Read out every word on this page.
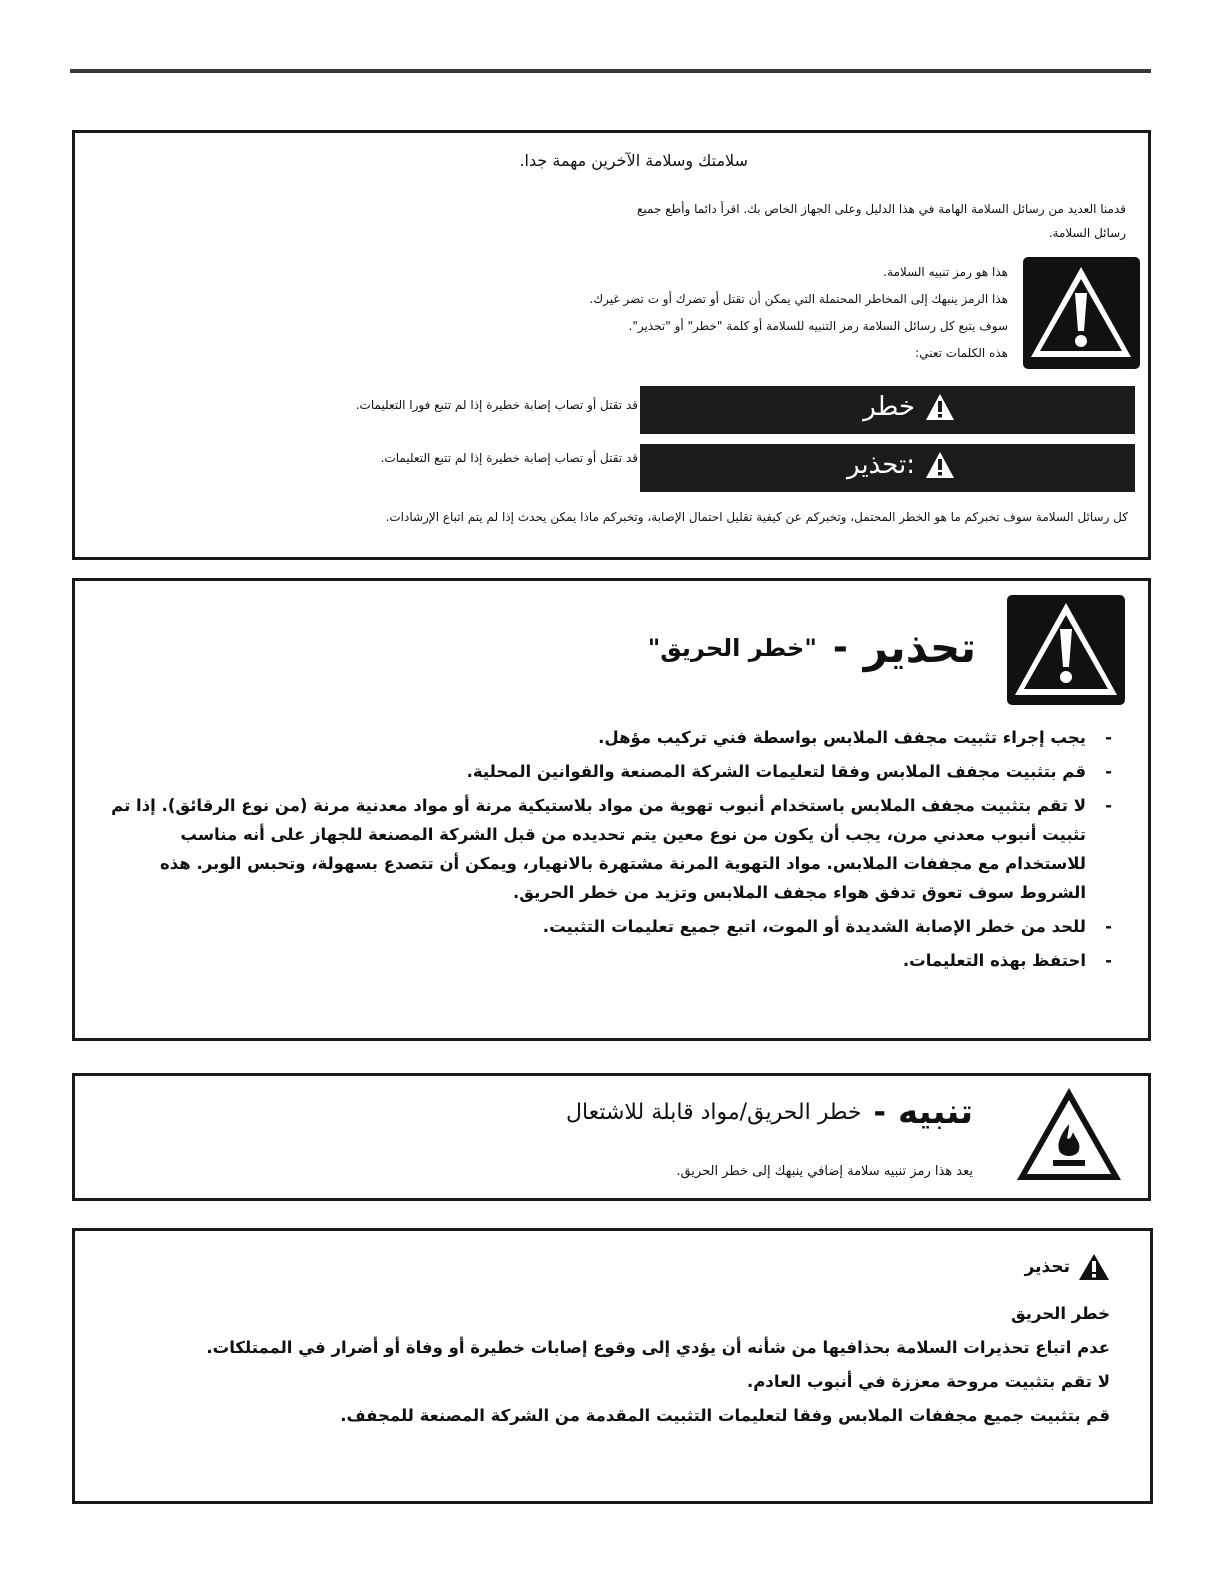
سلامتك وسلامة الآخرين مهمة جدا.
قدمنا العديد من رسائل السلامة الهامة في هذا الدليل وعلى الجهاز الخاص بك. اقرأ دائما وأطع جميع
رسائل السلامة.
هذا هو رمز تنبيه السلامة.
هذا الرمز ينبهك إلى المخاطر المحتملة التي يمكن أن تقتل أو تضرك أو ت تضر غيرك.
سوف يتبع كل رسائل السلامة رمز التنبيه للسلامة أو كلمة "خطر" أو "تحذير".
هذه الكلمات تعني:
خطر
قد تقتل أو تصاب إصابة خطيرة إذا لم تتبع فورا التعليمات.
تحذير:
قد تقتل أو تصاب إصابة خطيرة إذا لم تتبع التعليمات.
كل رسائل السلامة سوف تخبركم ما هو الخطر المحتمل، وتخبركم عن كيفية تقليل احتمال الإصابة، وتخبركم ماذا يمكن يحدث إذا لم يتم اتباع الإرشادات.
تحذير
-
"خطر الحريق"
-
يجب إجراء تثبيت مجفف الملابس بواسطة فني تركيب مؤهل.
-
قم بتثبيت مجفف الملابس وفقا لتعليمات الشركة المصنعة والقوانين المحلية.
-
لا تقم بتثبيت مجفف الملابس باستخدام أنبوب تهوية من مواد بلاستيكية مرنة أو مواد معدنية مرنة (من نوع الرقائق). إذا تم تثبيت أنبوب معدني مرن، يجب أن يكون من نوع معين يتم تحديده من قبل الشركة المصنعة للجهاز على أنه مناسب للاستخدام مع مجففات الملابس. مواد التهوية المرنة مشتهرة بالانهيار، ويمكن أن تتصدع بسهولة، وتحبس الوبر. هذه الشروط سوف تعوق تدفق هواء مجفف الملابس وتزيد من خطر الحريق.
-
للحد من خطر الإصابة الشديدة أو الموت، اتبع جميع تعليمات التثبيت.
-
احتفظ بهذه التعليمات.
تنبيه
-
خطر الحريق/مواد قابلة للاشتعال
يعد هذا رمز تنبيه سلامة إضافي ينبهك إلى خطر الحريق.
تحذير
خطر الحريق
عدم اتباع تحذيرات السلامة بحذافيها من شأنه أن يؤدي إلى وقوع إصابات خطيرة أو وفاة أو أضرار في الممتلكات.
لا تقم بتثبيت مروحة معززة في أنبوب العادم.
قم بتثبيت جميع مجففات الملابس وفقا لتعليمات التثبيت المقدمة من الشركة المصنعة للمجفف.
